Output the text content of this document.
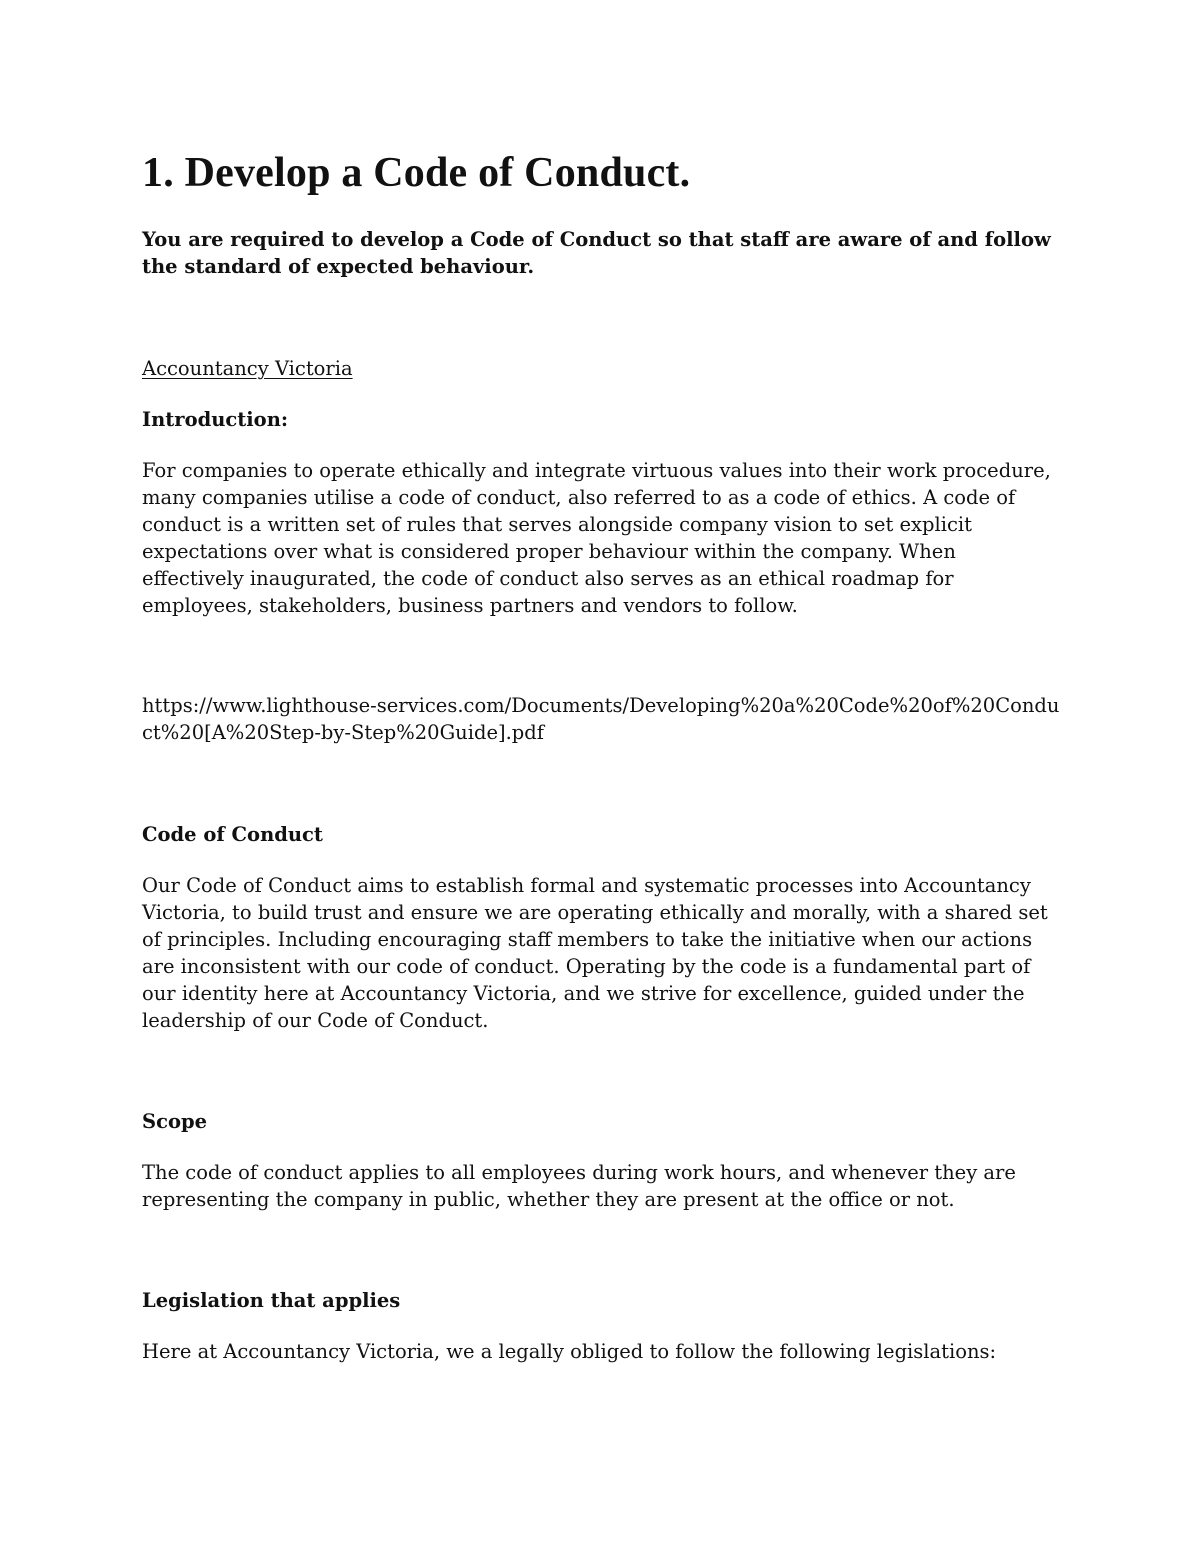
1. Develop a Code of Conduct.

You are required to develop a Code of Conduct so that staff are aware of and follow the standard of expected behaviour.

Accountancy Victoria

Introduction:

For companies to operate ethically and integrate virtuous values into their work procedure, many companies utilise a code of conduct, also referred to as a code of ethics. A code of conduct is a written set of rules that serves alongside company vision to set explicit expectations over what is considered proper behaviour within the company. When effectively inaugurated, the code of conduct also serves as an ethical roadmap for employees, stakeholders, business partners and vendors to follow.

https://www.lighthouse-services.com/Documents/Developing%20a%20Code%20of%20Conduct%20[A%20Step-by-Step%20Guide].pdf

Code of Conduct

Our Code of Conduct aims to establish formal and systematic processes into Accountancy Victoria, to build trust and ensure we are operating ethically and morally, with a shared set of principles. Including encouraging staff members to take the initiative when our actions are inconsistent with our code of conduct. Operating by the code is a fundamental part of our identity here at Accountancy Victoria, and we strive for excellence, guided under the leadership of our Code of Conduct.

Scope

The code of conduct applies to all employees during work hours, and whenever they are representing the company in public, whether they are present at the office or not.

Legislation that applies

Here at Accountancy Victoria, we a legally obliged to follow the following legislations:
